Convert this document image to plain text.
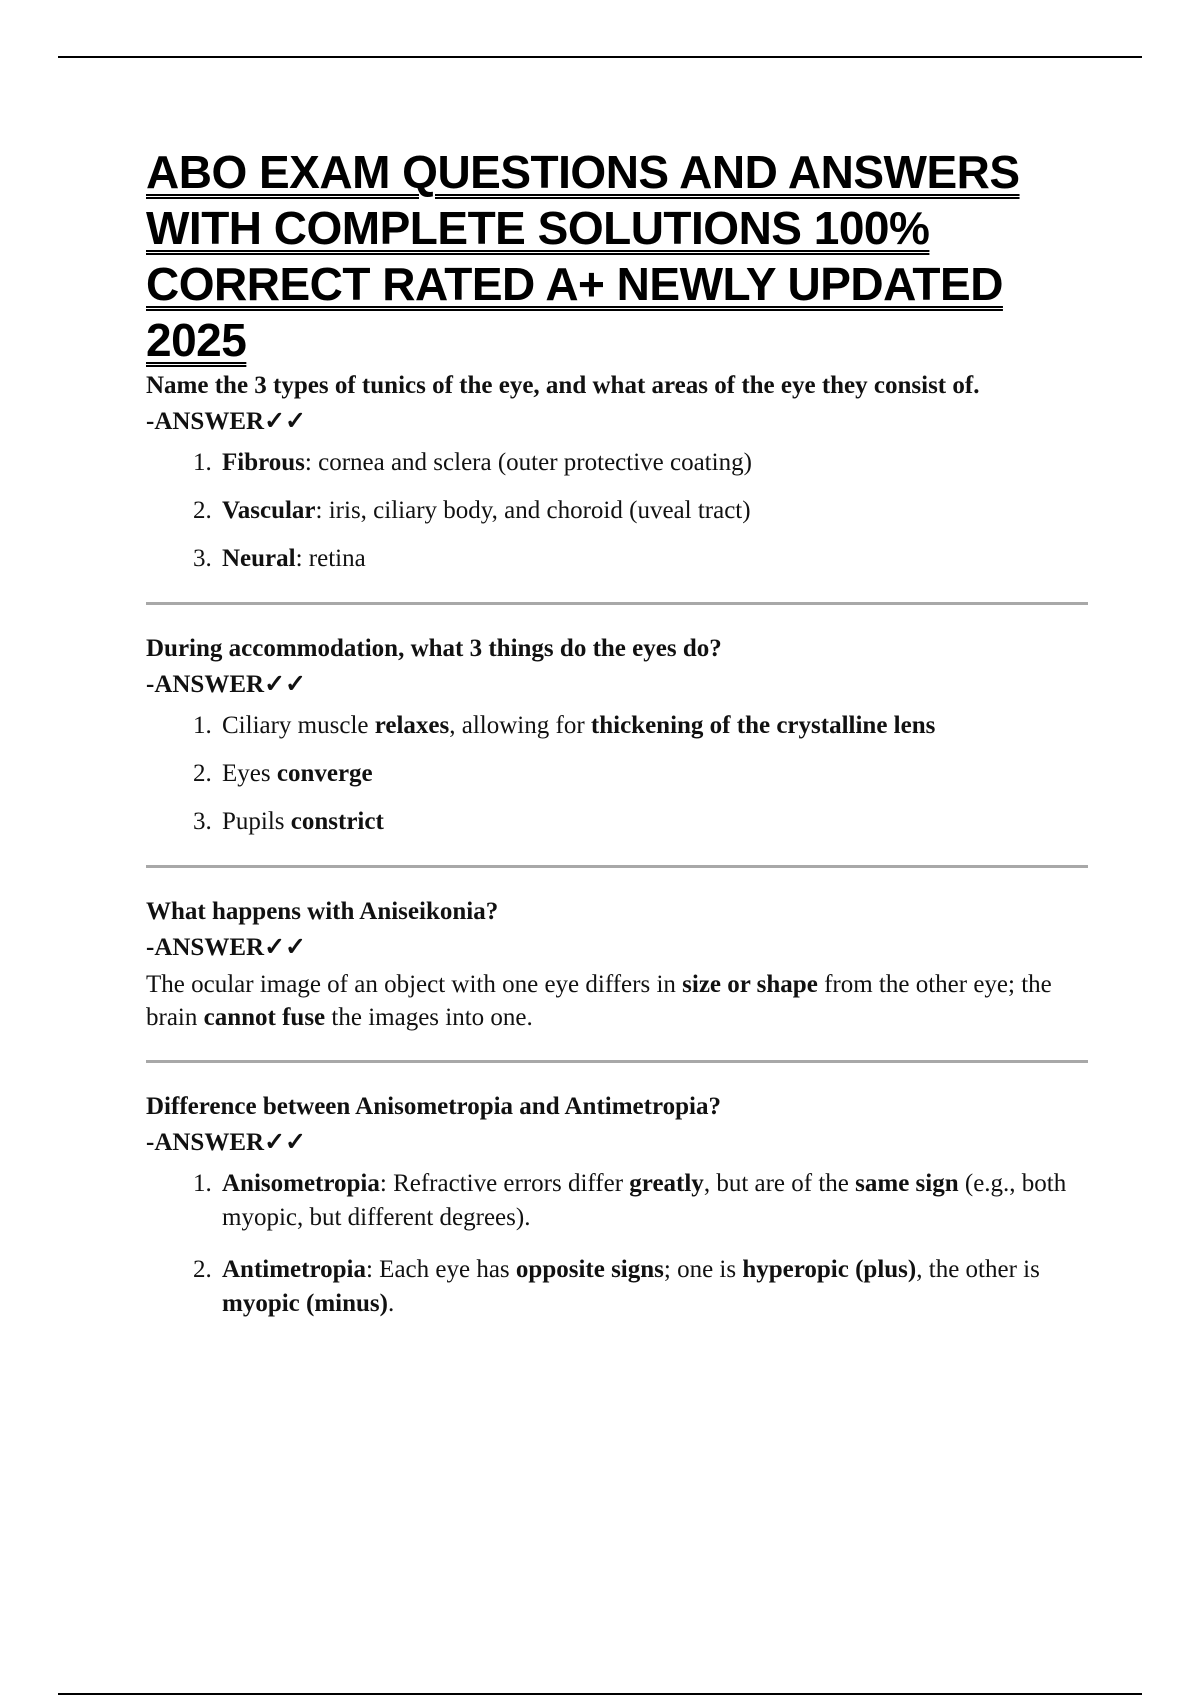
ABO EXAM QUESTIONS AND ANSWERS
WITH COMPLETE SOLUTIONS 100%
CORRECT RATED A+ NEWLY UPDATED
2025

Name the 3 types of tunics of the eye, and what areas of the eye they consist of.

-ANSWER✓✓

1. Fibrous: cornea and sclera (outer protective coating)
2. Vascular: iris, ciliary body, and choroid (uveal tract)
3. Neural: retina

During accommodation, what 3 things do the eyes do?

-ANSWER✓✓

1. Ciliary muscle relaxes, allowing for thickening of the crystalline lens
2. Eyes converge
3. Pupils constrict

What happens with Aniseikonia?

-ANSWER✓✓

The ocular image of an object with one eye differs in size or shape from the other eye; the brain cannot fuse the images into one.

Difference between Anisometropia and Antimetropia?

-ANSWER✓✓

1. Anisometropia: Refractive errors differ greatly, but are of the same sign (e.g., both myopic, but different degrees).
2. Antimetropia: Each eye has opposite signs; one is hyperopic (plus), the other is myopic (minus).
